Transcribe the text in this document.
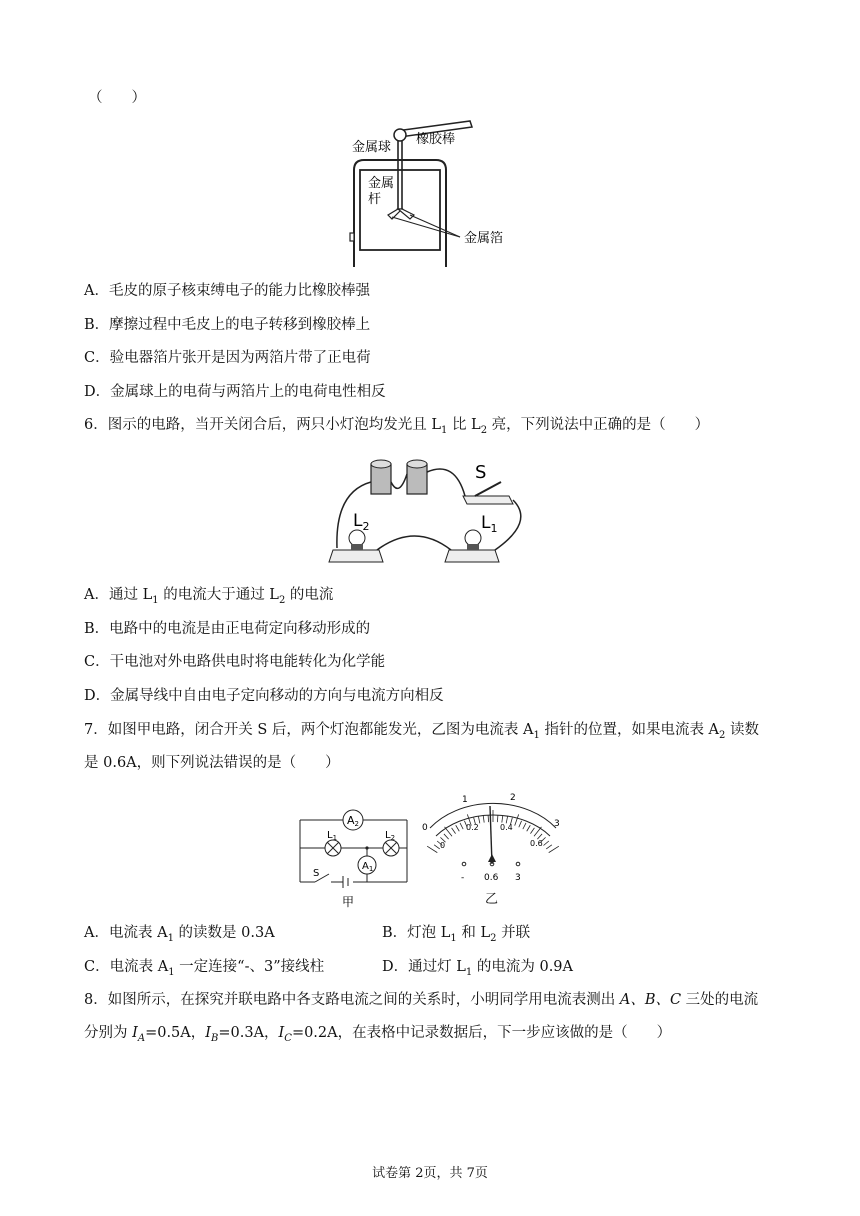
（　　）
金属球
橡胶棒
金属
杆
金属箔
A．毛皮的原子核束缚电子的能力比橡胶棒强
B．摩擦过程中毛皮上的电子转移到橡胶棒上
C．验电器箔片张开是因为两箔片带了正电荷
D．金属球上的电荷与两箔片上的电荷电性相反
6．图示的电路，当开关闭合后，两只小灯泡均发光且 $L_1$ 比 $L_2$ 亮，下列说法中正确的是（　　）
S
$L_2$	$L_1$
A．通过 $L_1$ 的电流大于通过 $L_2$ 的电流
B．电路中的电流是由正电荷定向移动形成的
C．干电池对外电路供电时将电能转化为化学能
D．金属导线中自由电子定向移动的方向与电流方向相反
7．如图甲电路，闭合开关 S 后，两个灯泡都能发光，乙图为电流表 $A_1$ 指针的位置，如果电流表 $A_2$ 读数
是 0.6A，则下列说法错误的是（　　）
A2
$A_1$
$L_1$	$L_2$
S
甲
0
1	2
3
0
0.2	0.4
0.6
- 0.6 3
乙
A．电流表 $A_1$ 的读数是 0.3A	B．灯泡 $L_1$ 和 $L_2$ 并联
C．电流表 $A_1$ 一定连接“-、3”接线柱	D．通过灯 $L_1$ 的电流为 0.9A
8．如图所示，在探究并联电路中各支路电流之间的关系时，小明同学用电流表测出 A、B、C 三处的电流
分别为 $I_A=0.5A$，$I_B=0.3A$，$I_C=0.2A$，在表格中记录数据后，下一步应该做的是（　　）
试卷第 2页，共 7页
